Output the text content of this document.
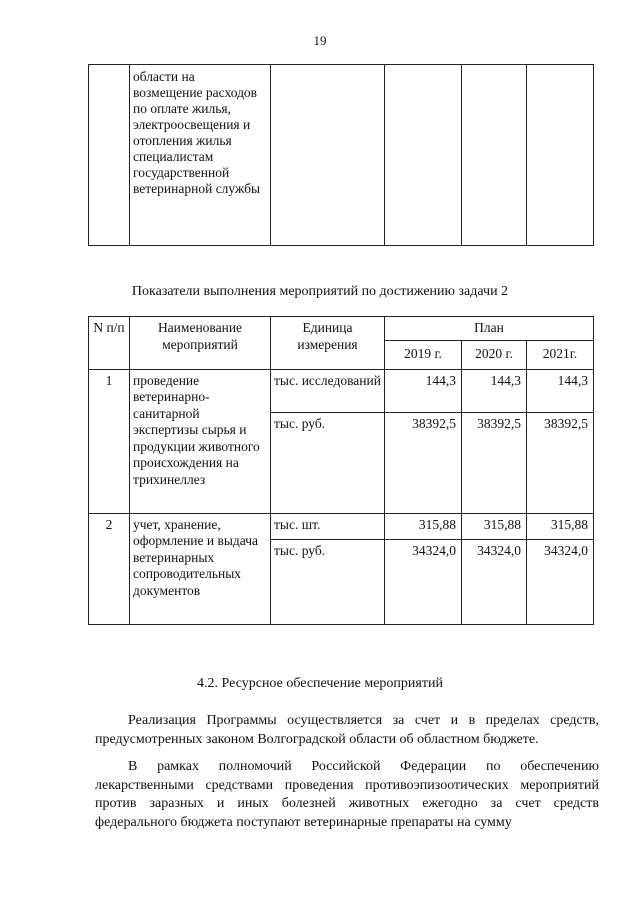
19
	области на возмещение расходов по оплате жилья, электроосвещения и отопления жилья специалистам государственной ветеринарной службы				
Показатели выполнения мероприятий по достижению задачи 2
N п/п	Наименование мероприятий	Единица измерения	План		
			2019 г.	2020 г.	2021г.
1	проведение ветеринарно-санитарной экспертизы сырья и продукции животного происхождения на трихинеллез	тыс. исследований	144,3	144,3	144,3
		тыс. руб.	38392,5	38392,5	38392,5
2	учет, хранение, оформление и выдача ветеринарных сопроводительных документов	тыс. шт.	315,88	315,88	315,88
		тыс. руб.	34324,0	34324,0	34324,0
4.2. Ресурсное обеспечение мероприятий

Реализация Программы осуществляется за счет и в пределах средств, предусмотренных законом Волгоградской области об областном бюджете.

В рамках полномочий Российской Федерации по обеспечению лекарственными средствами проведения противоэпизоотических мероприятий против заразных и иных болезней животных ежегодно за счет средств федерального бюджета поступают ветеринарные препараты на сумму
